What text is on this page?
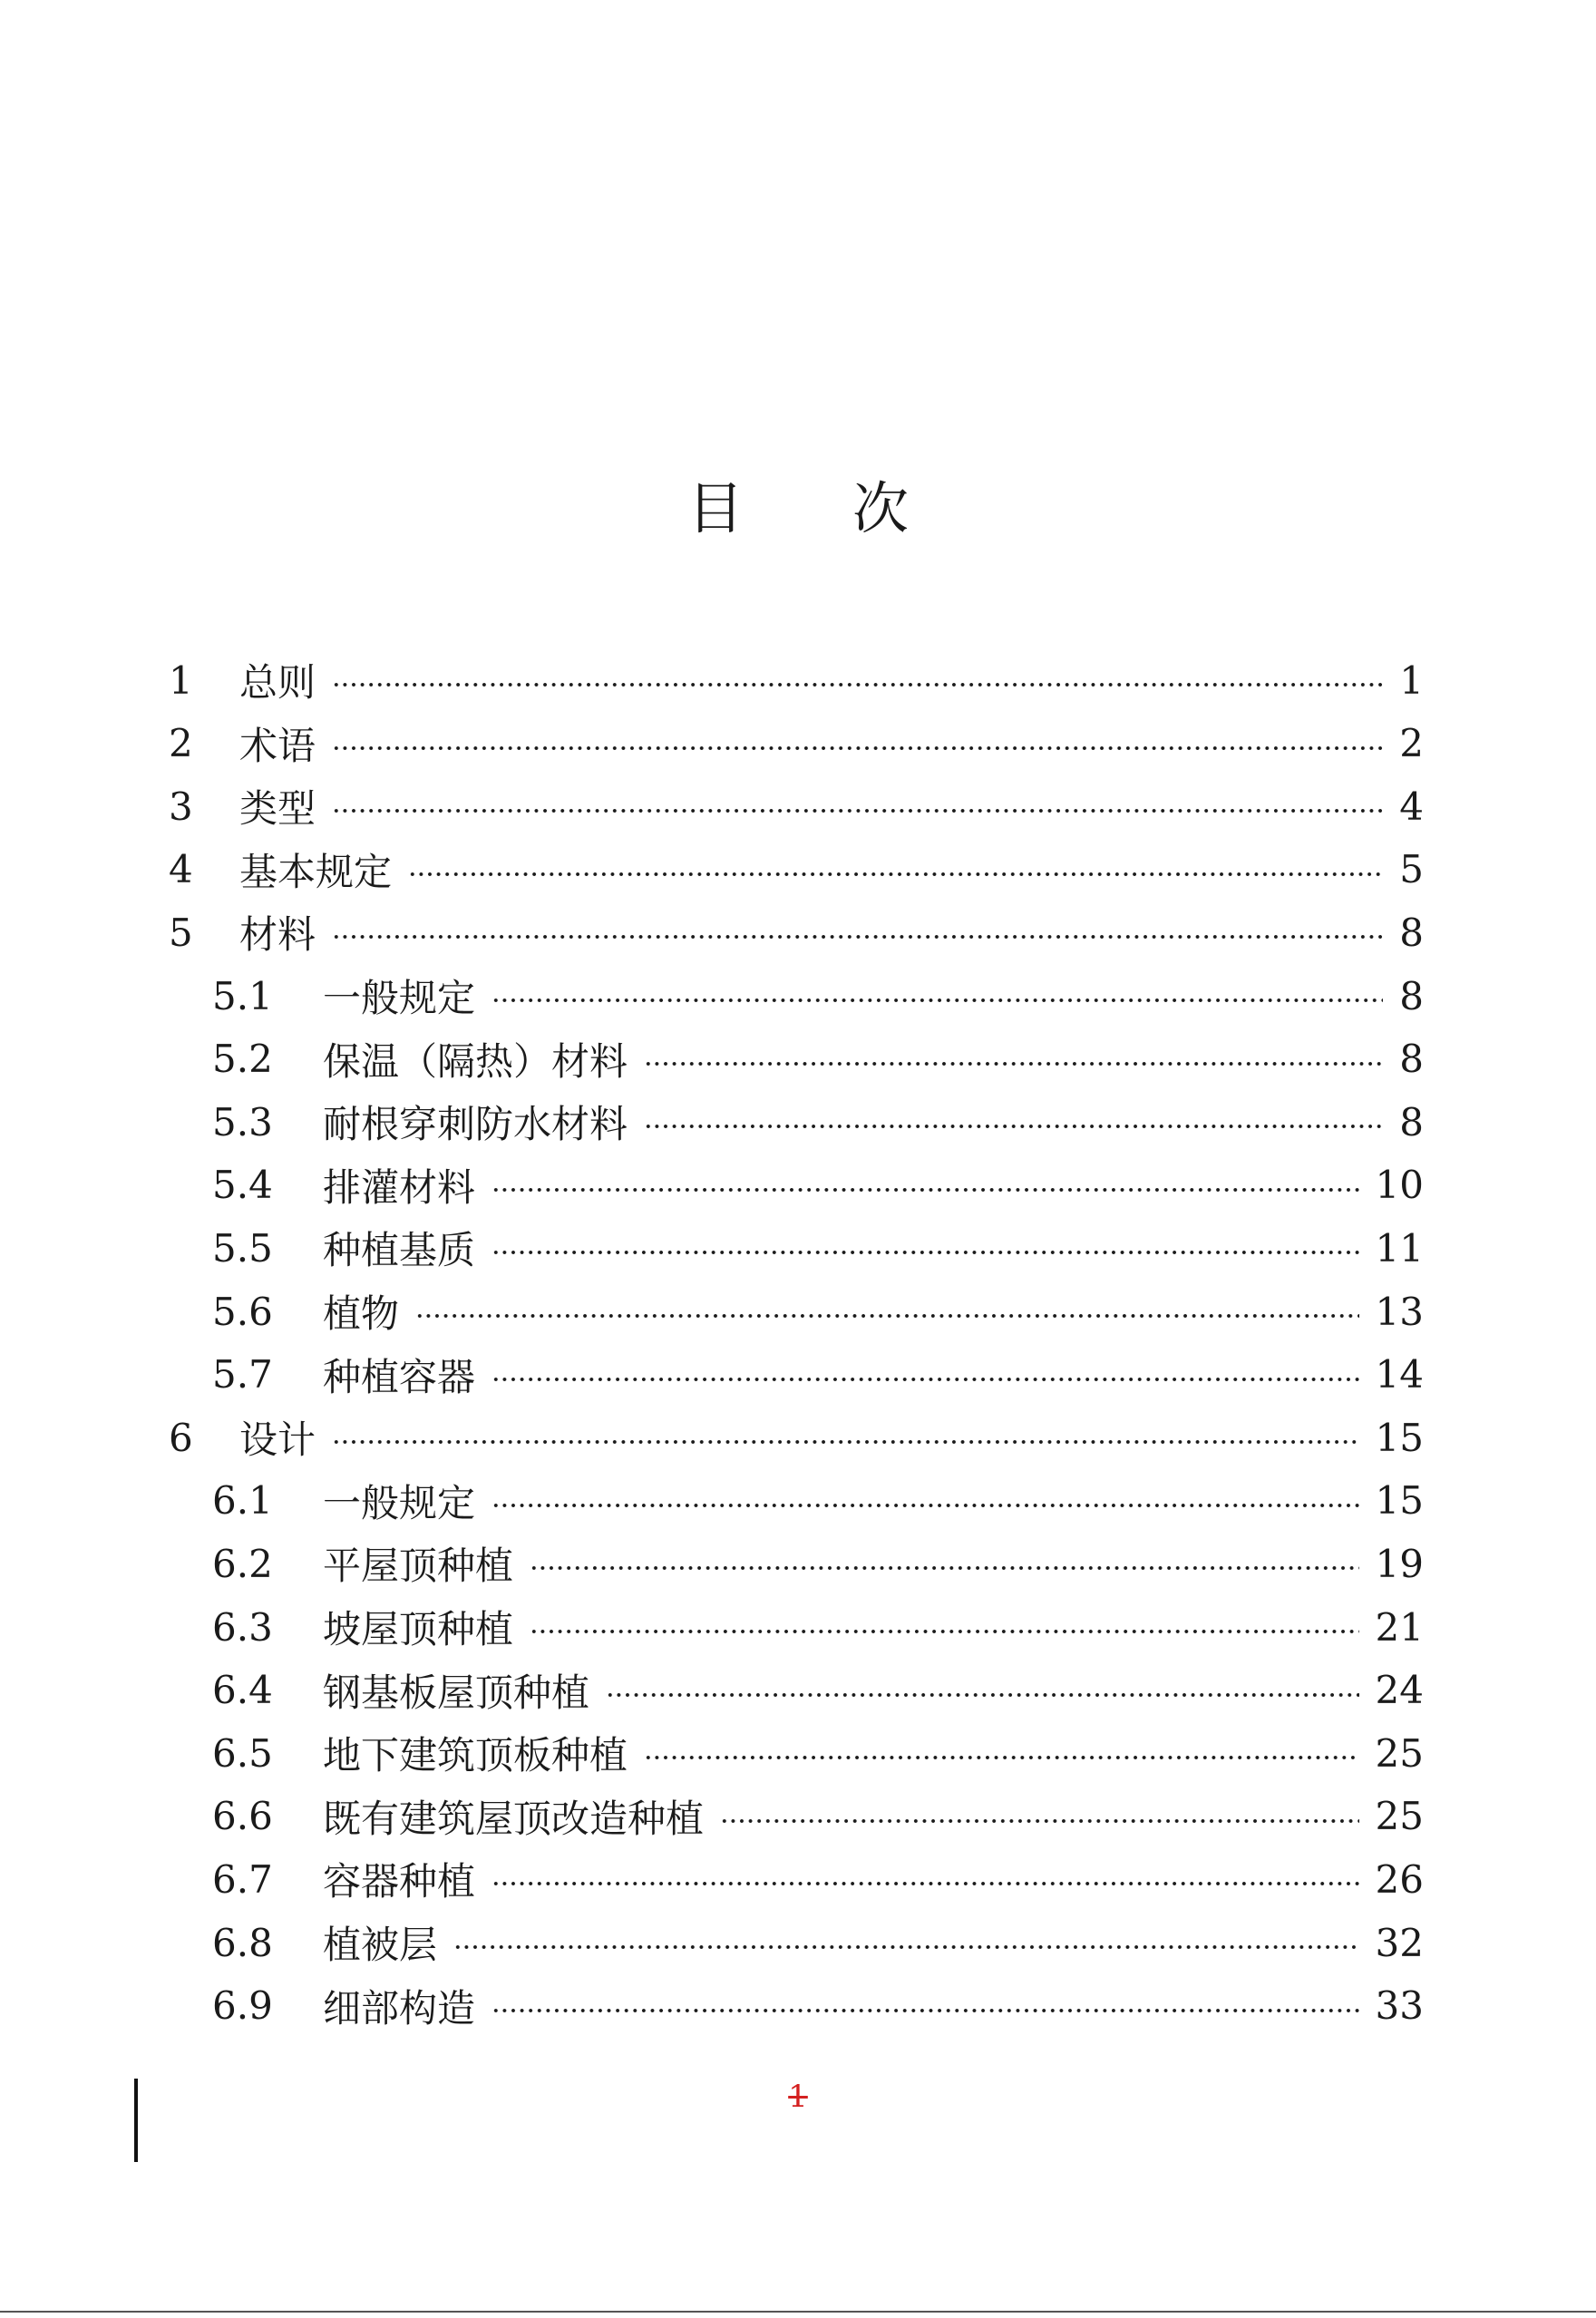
目 次
1	总则	1
2	术语	2
3	类型	4
4	基本规定	5
5	材料	8
5.1	一般规定	8
5.2	保温（隔热）材料	8
5.3	耐根穿刺防水材料	8
5.4	排灌材料	10
5.5	种植基质	11
5.6	植物	13
5.7	种植容器	14
6	设计	15
6.1	一般规定	15
6.2	平屋顶种植	19
6.3	坡屋顶种植	21
6.4	钢基板屋顶种植	24
6.5	地下建筑顶板种植	25
6.6	既有建筑屋顶改造种植	25
6.7	容器种植	26
6.8	植被层	32
6.9	细部构造	33
1
